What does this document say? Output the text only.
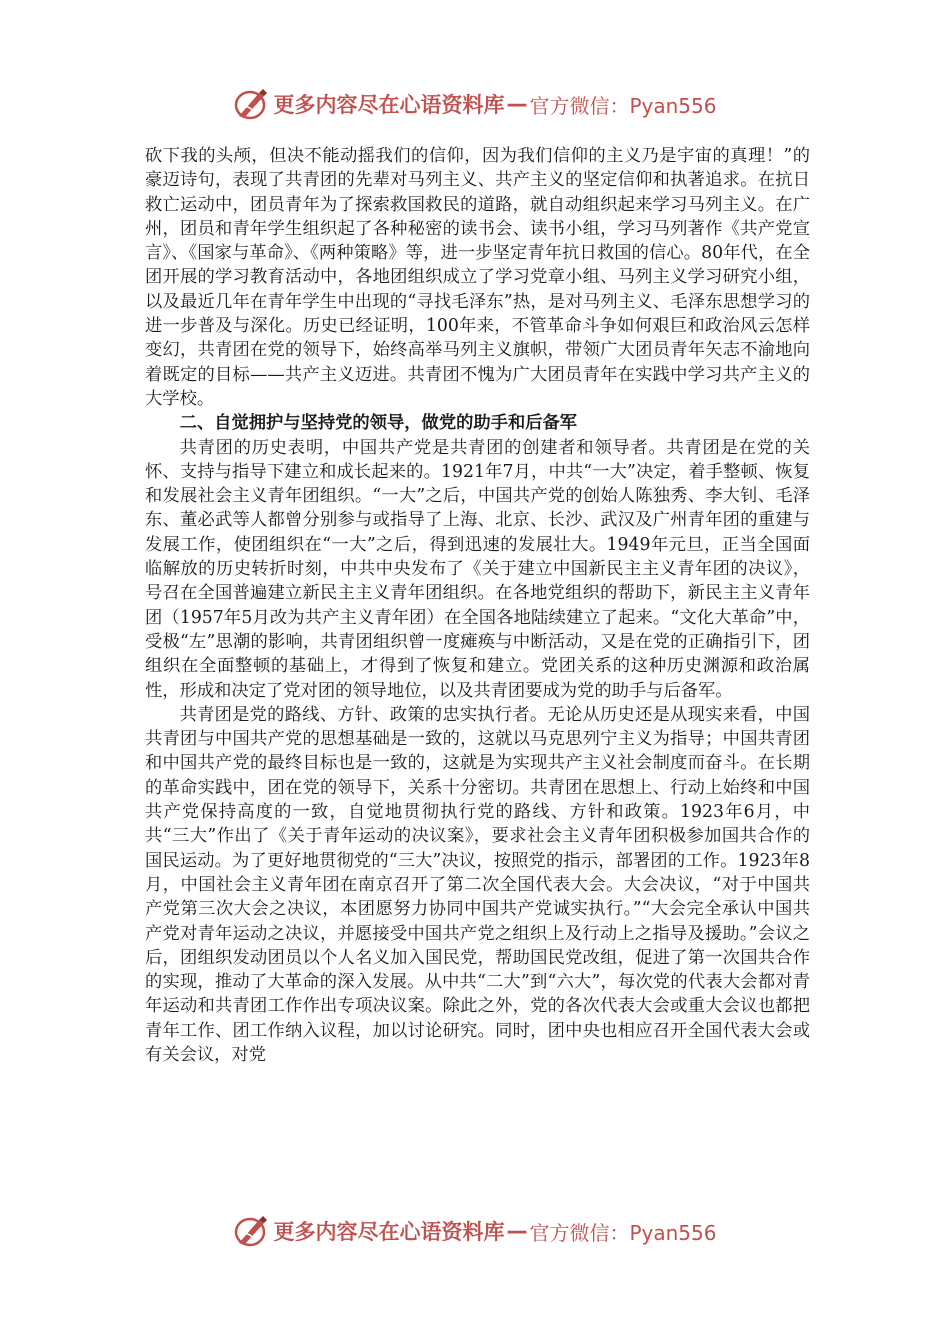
更多内容尽在心语资料库 — 官方微信：Pyan556

砍下我的头颅，但决不能动摇我们的信仰，因为我们信仰的主义乃是宇宙的真理！”的豪迈诗句，表现了共青团的先辈对马列主义、共产主义的坚定信仰和执著追求。在抗日救亡运动中，团员青年为了探索救国救民的道路，就自动组织起来学习马列主义。在广州，团员和青年学生组织起了各种秘密的读书会、读书小组，学习马列著作《共产党宣言》、《国家与革命》、《两种策略》等，进一步坚定青年抗日救国的信心。80年代，在全团开展的学习教育活动中，各地团组织成立了学习党章小组、马列主义学习研究小组，以及最近几年在青年学生中出现的“寻找毛泽东”热，是对马列主义、毛泽东思想学习的进一步普及与深化。历史已经证明，100年来，不管革命斗争如何艰巨和政治风云怎样变幻，共青团在党的领导下，始终高举马列主义旗帜，带领广大团员青年矢志不渝地向着既定的目标——共产主义迈进。共青团不愧为广大团员青年在实践中学习共产主义的大学校。

二、自觉拥护与坚持党的领导，做党的助手和后备军

共青团的历史表明，中国共产党是共青团的创建者和领导者。共青团是在党的关怀、支持与指导下建立和成长起来的。1921年7月，中共“一大”决定，着手整顿、恢复和发展社会主义青年团组织。“一大”之后，中国共产党的创始人陈独秀、李大钊、毛泽东、董必武等人都曾分别参与或指导了上海、北京、长沙、武汉及广州青年团的重建与发展工作，使团组织在“一大”之后，得到迅速的发展壮大。1949年元旦，正当全国面临解放的历史转折时刻，中共中央发布了《关于建立中国新民主主义青年团的决议》，号召在全国普遍建立新民主主义青年团组织。在各地党组织的帮助下，新民主主义青年团（1957年5月改为共产主义青年团）在全国各地陆续建立了起来。“文化大革命”中，受极“左”思潮的影响，共青团组织曾一度瘫痪与中断活动，又是在党的正确指引下，团组织在全面整顿的基础上，才得到了恢复和建立。党团关系的这种历史渊源和政治属性，形成和决定了党对团的领导地位，以及共青团要成为党的助手与后备军。

共青团是党的路线、方针、政策的忠实执行者。无论从历史还是从现实来看，中国共青团与中国共产党的思想基础是一致的，这就以马克思列宁主义为指导；中国共青团和中国共产党的最终目标也是一致的，这就是为实现共产主义社会制度而奋斗。在长期的革命实践中，团在党的领导下，关系十分密切。共青团在思想上、行动上始终和中国共产党保持高度的一致，自觉地贯彻执行党的路线、方针和政策。1923年6月，中共“三大”作出了《关于青年运动的决议案》，要求社会主义青年团积极参加国共合作的国民运动。为了更好地贯彻党的“三大”决议，按照党的指示，部署团的工作。1923年8月，中国社会主义青年团在南京召开了第二次全国代表大会。大会决议，“对于中国共产党第三次大会之决议，本团愿努力协同中国共产党诚实执行。”“大会完全承认中国共产党对青年运动之决议，并愿接受中国共产党之组织上及行动上之指导及援助。”会议之后，团组织发动团员以个人名义加入国民党，帮助国民党改组，促进了第一次国共合作的实现，推动了大革命的深入发展。从中共“二大”到“六大”，每次党的代表大会都对青年运动和共青团工作作出专项决议案。除此之外，党的各次代表大会或重大会议也都把青年工作、团工作纳入议程，加以讨论研究。同时，团中央也相应召开全国代表大会或有关会议，对党

更多内容尽在心语资料库 — 官方微信：Pyan556
